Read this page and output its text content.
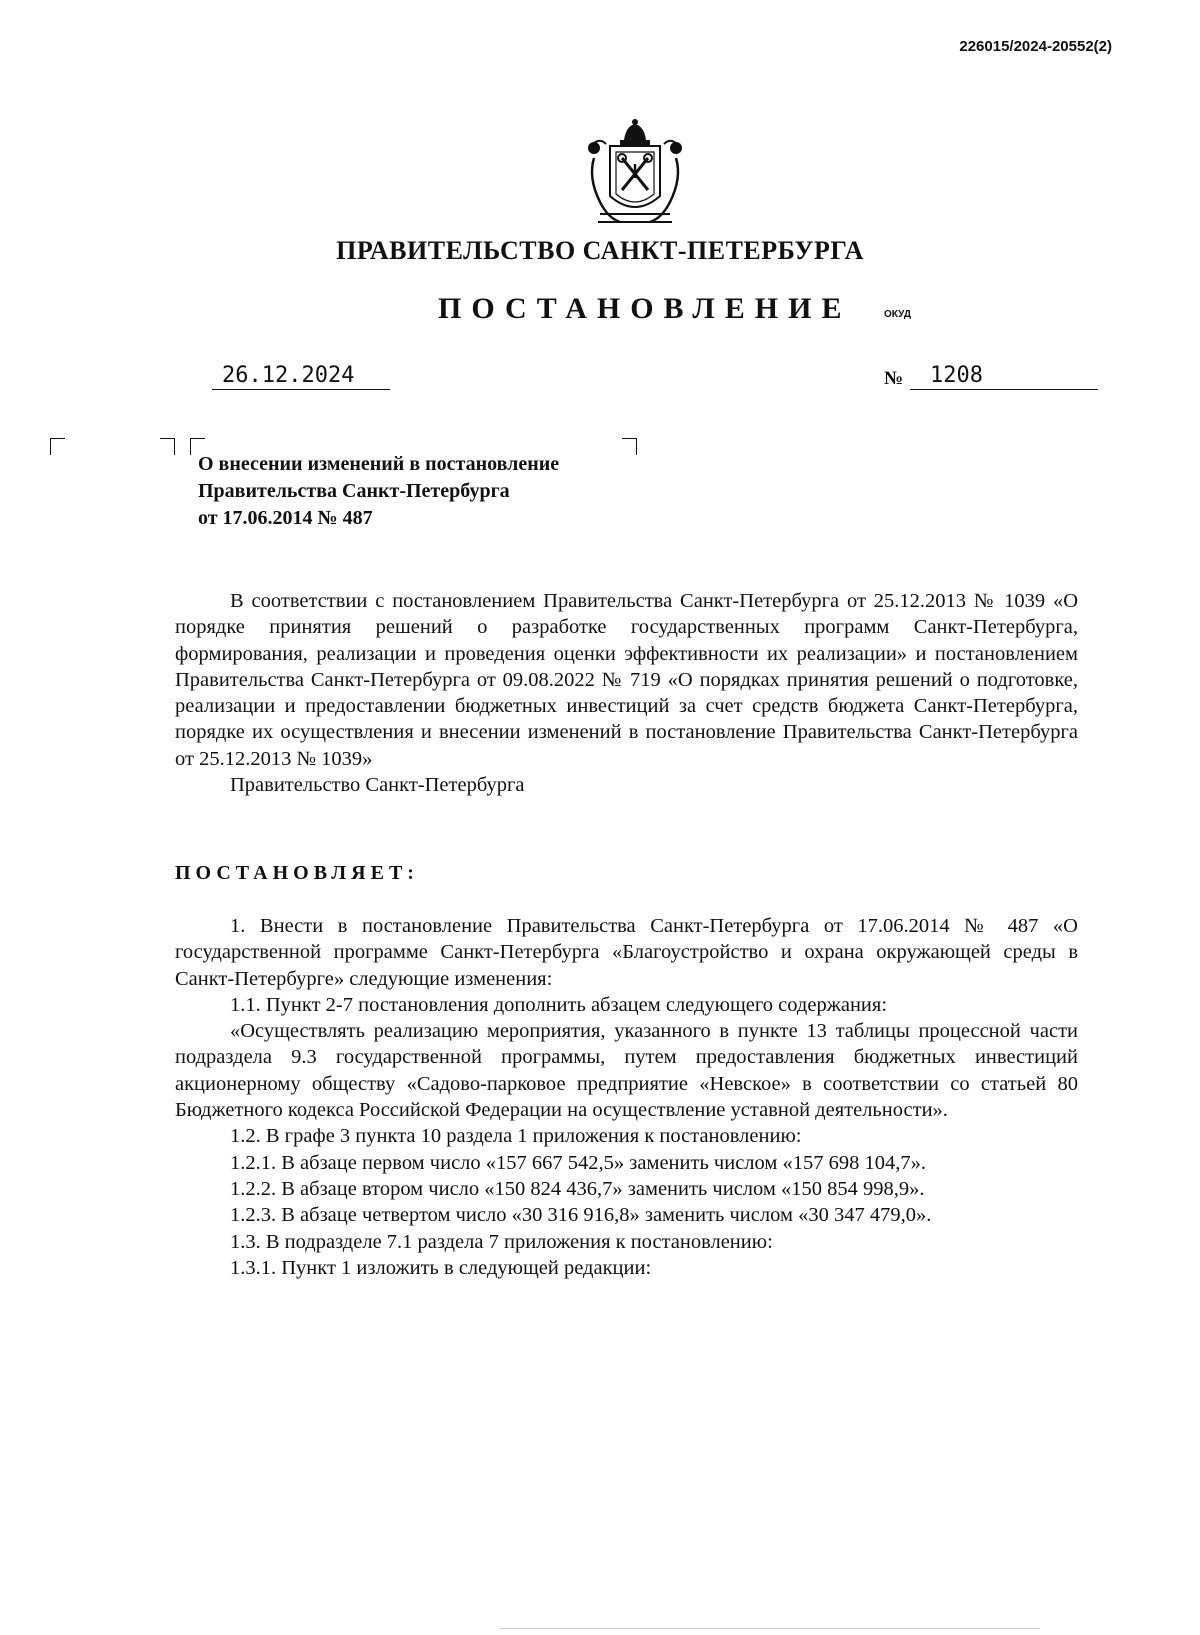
226015/2024-20552(2)
ПРАВИТЕЛЬСТВО САНКТ-ПЕТЕРБУРГА
ПОСТАНОВЛЕНИЕ	ОКУД
26.12.2024	№	1208
О внесении изменений в постановление
Правительства Санкт-Петербурга
от 17.06.2014 № 487
В соответствии с постановлением Правительства Санкт-Петербурга от 25.12.2013 № 1039 «О порядке принятия решений о разработке государственных программ Санкт-Петербурга, формирования, реализации и проведения оценки эффективности их реализации» и постановлением Правительства Санкт-Петербурга от 09.08.2022 № 719 «О порядках принятия решений о подготовке, реализации и предоставлении бюджетных инвестиций за счет средств бюджета Санкт-Петербурга, порядке их осуществления и внесении изменений в постановление Правительства Санкт-Петербурга от 25.12.2013 № 1039»
Правительство Санкт-Петербурга
ПОСТАНОВЛЯЕТ:
1. Внести в постановление Правительства Санкт-Петербурга от 17.06.2014 № 487 «О государственной программе Санкт-Петербурга «Благоустройство и охрана окружающей среды в Санкт-Петербурге» следующие изменения:
1.1. Пункт 2-7 постановления дополнить абзацем следующего содержания:
«Осуществлять реализацию мероприятия, указанного в пункте 13 таблицы процессной части подраздела 9.3 государственной программы, путем предоставления бюджетных инвестиций акционерному обществу «Садово-парковое предприятие «Невское» в соответствии со статьей 80 Бюджетного кодекса Российской Федерации на осуществление уставной деятельности».
1.2. В графе 3 пункта 10 раздела 1 приложения к постановлению:
1.2.1. В абзаце первом число «157 667 542,5» заменить числом «157 698 104,7».
1.2.2. В абзаце втором число «150 824 436,7» заменить числом «150 854 998,9».
1.2.3. В абзаце четвертом число «30 316 916,8» заменить числом «30 347 479,0».
1.3. В подразделе 7.1 раздела 7 приложения к постановлению:
1.3.1. Пункт 1 изложить в следующей редакции:
